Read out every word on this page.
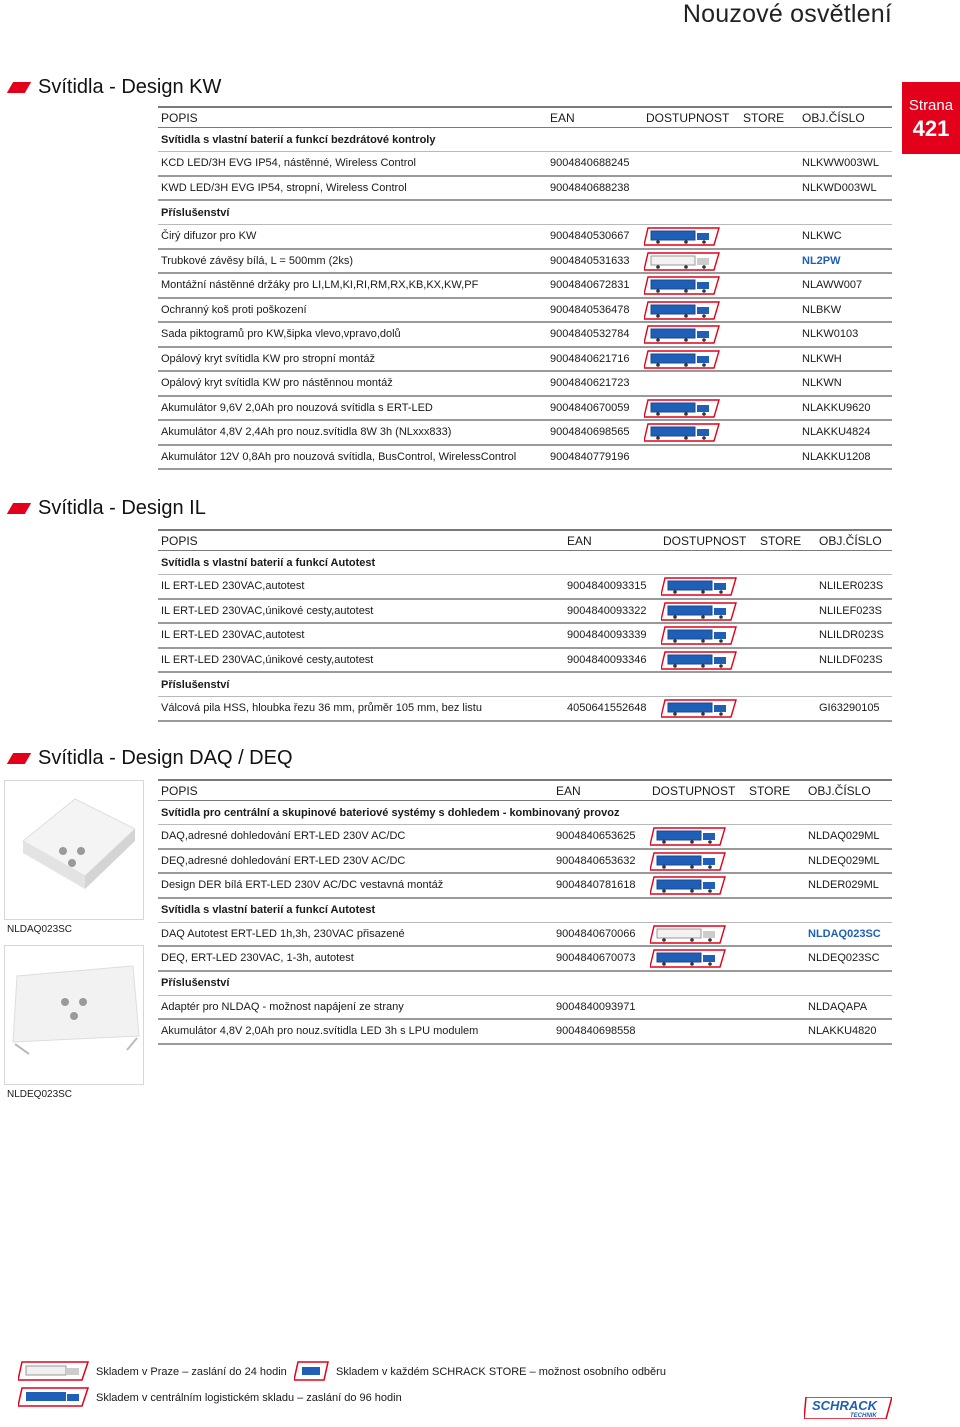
Nouzové osvětlení
Strana
421
Svítidla - Design KW
Svítidla - Design IL
Svítidla - Design DAQ / DEQ
POPIS	EAN	DOSTUPNOST STORE OBJ.ČÍSLO
Svítidla s vlastní baterií a funkcí bezdrátové kontroly
KCD LED/3H EVG IP54, nástěnné, Wireless Control	9004840688245	NLKWW003WL
KWD LED/3H EVG IP54, stropní, Wireless Control	9004840688238	NLKWD003WL
Příslušenství
Čirý difuzor pro KW	9004840530667	NLKWC
Trubkové závěsy bílá, L = 500mm (2ks)	9004840531633	NL2PW
Montážní nástěnné držáky pro LI,LM,KI,RI,RM,RX,KB,KX,KW,PF	9004840672831	NLAWW007
Ochranný koš proti poškození	9004840536478	NLBKW
Sada piktogramů pro KW,šipka vlevo,vpravo,dolů	9004840532784	NLKW0103
Opálový kryt svítidla KW pro stropní montáž	9004840621716	NLKWH
Opálový kryt svítidla KW pro nástěnnou montáž	9004840621723	NLKWN
Akumulátor 9,6V 2,0Ah pro nouzová svítidla s ERT-LED	9004840670059	NLAKKU9620
Akumulátor 4,8V 2,4Ah pro nouz.svítidla 8W 3h (NLxxx833)	9004840698565	NLAKKU4824
Akumulátor 12V 0,8Ah pro nouzová svítidla, BusControl, WirelessControl	9004840779196	NLAKKU1208
POPIS	EAN	DOSTUPNOST STORE OBJ.ČÍSLO
Svítidla s vlastní baterií a funkcí Autotest
IL ERT-LED 230VAC,autotest	9004840093315	NLILER023S
IL ERT-LED 230VAC,únikové cesty,autotest	9004840093322	NLILEF023S
IL ERT-LED 230VAC,autotest	9004840093339	NLILDR023S
IL ERT-LED 230VAC,únikové cesty,autotest	9004840093346	NLILDF023S
Příslušenství
Válcová pila HSS, hloubka řezu 36 mm, průměr 105 mm, bez listu	4050641552648	GI63290105
POPIS	EAN	DOSTUPNOST STORE OBJ.ČÍSLO
Svítidla pro centrální a skupinové bateriové systémy s dohledem - kombinovaný provoz
DAQ,adresné dohledování ERT-LED 230V AC/DC	9004840653625	NLDAQ029ML
DEQ,adresné dohledování ERT-LED 230V AC/DC	9004840653632	NLDEQ029ML
Design DER bílá ERT-LED 230V AC/DC vestavná montáž	9004840781618	NLDER029ML
Svítidla s vlastní baterií a funkcí Autotest
DAQ Autotest ERT-LED 1h,3h, 230VAC přisazené	9004840670066	NLDAQ023SC
DEQ, ERT-LED 230VAC, 1-3h, autotest	9004840670073	NLDEQ023SC
Příslušenství
Adaptér pro NLDAQ - možnost napájení ze strany	9004840093971	NLDAQAPA
Akumulátor 4,8V 2,0Ah pro nouz.svítidla LED 3h s LPU modulem	9004840698558	NLAKKU4820
NLDAQ023SC
NLDEQ023SC
Skladem v Praze – zaslání do 24 hodin	Skladem v každém SCHRACK STORE – možnost osobního odběru
Skladem v centrálním logistickém skladu – zaslání do 96 hodin	SCHRACK
TECHNIK
